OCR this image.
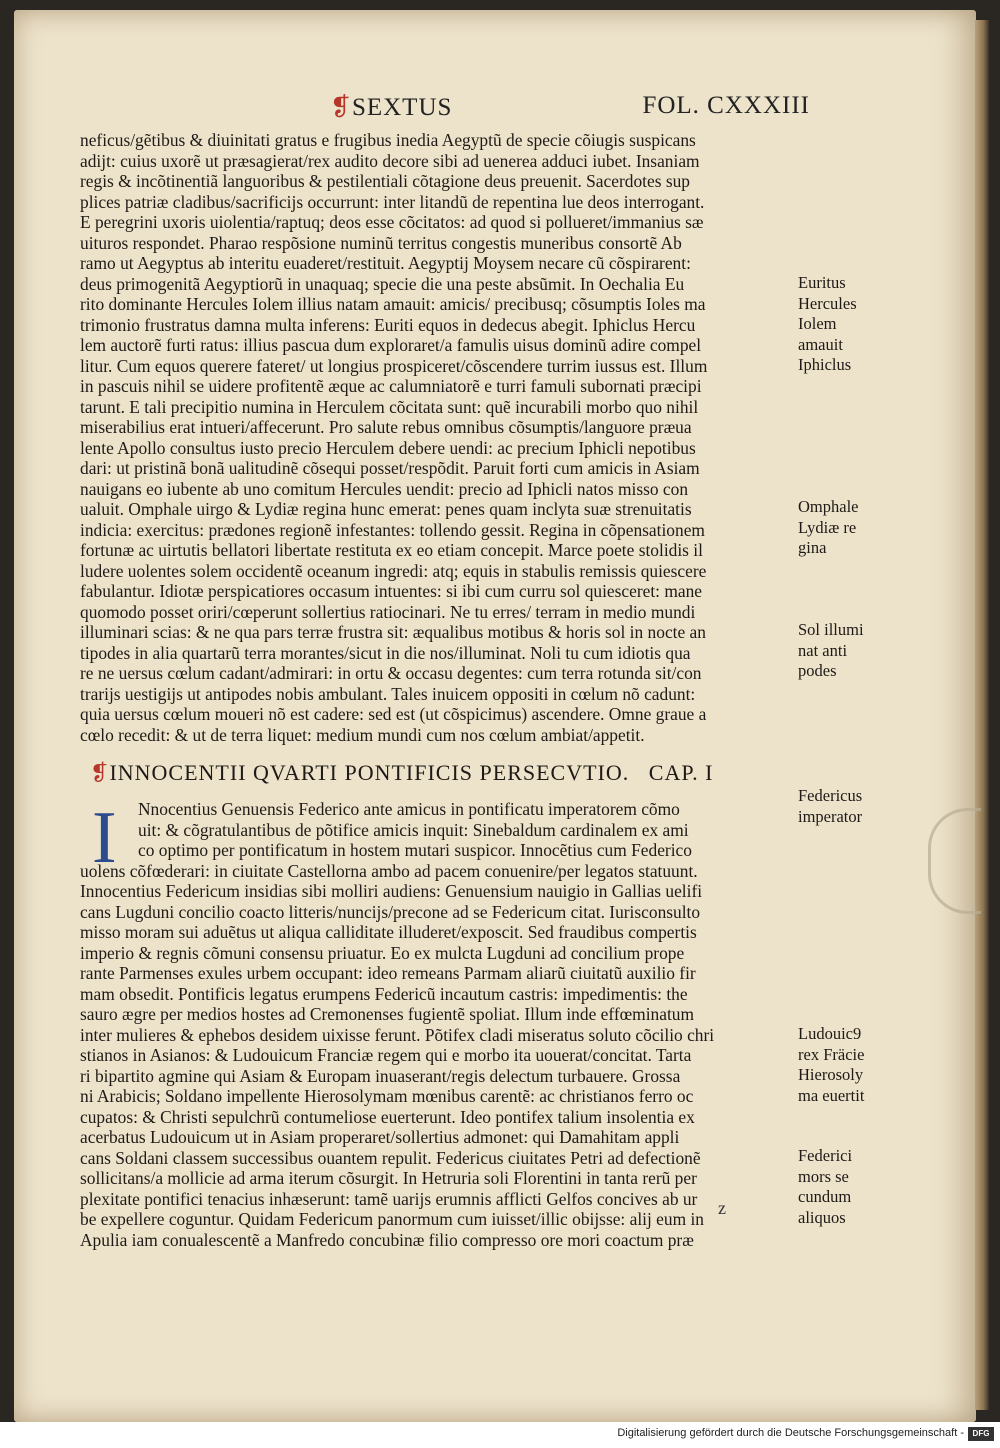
❡SEXTUS	FOL. CXXXIII
neficus/gẽtibus & diuinitati gratus e frugibus inedia Aegyptũ de specie cõiugis suspicans
adijt: cuius uxorẽ ut præsagierat/rex audito decore sibi ad uenerea adduci iubet. Insaniam
regis & incõtinentiã languoribus & pestilentiali cõtagione deus preuenit. Sacerdotes sup
plices patriæ cladibus/sacrificijs occurrunt: inter litandũ de repentina lue deos interrogant.
E peregrini uxoris uiolentia/raptuq; deos esse cõcitatos: ad quod si pollueret/immanius sæ
uituros respondet. Pharao respõsione numinũ territus congestis muneribus consortẽ Ab
ramo ut Aegyptus ab interitu euaderet/restituit. Aegyptij Moysem necare cũ cõspirarent:
deus primogenitã Aegyptiorũ in unaquaq; specie die una peste absũmit. In Oechalia Eu
rito dominante Hercules Iolem illius natam amauit: amicis/ precibusq; cõsumptis Ioles ma
trimonio frustratus damna multa inferens: Euriti equos in dedecus abegit. Iphiclus Hercu
lem auctorẽ furti ratus: illius pascua dum exploraret/a famulis uisus dominũ adire compel
litur. Cum equos querere fateret/ ut longius prospiceret/cõscendere turrim iussus est. Illum
in pascuis nihil se uidere profitentẽ æque ac calumniatorẽ e turri famuli subornati præcipi
tarunt. E tali precipitio numina in Herculem cõcitata sunt: quẽ incurabili morbo quo nihil
miserabilius erat intueri/affecerunt. Pro salute rebus omnibus cõsumptis/languore præua
lente Apollo consultus iusto precio Herculem debere uendi: ac precium Iphicli nepotibus
dari: ut pristinã bonã ualitudinẽ cõsequi posset/respõdit. Paruit forti cum amicis in Asiam
nauigans eo iubente ab uno comitum Hercules uendit: precio ad Iphicli natos misso con
ualuit. Omphale uirgo & Lydiæ regina hunc emerat: penes quam inclyta suæ strenuitatis
indicia: exercitus: prædones regionẽ infestantes: tollendo gessit. Regina in cõpensationem
fortunæ ac uirtutis bellatori libertate restituta ex eo etiam concepit. Marce poete stolidis il
ludere uolentes solem occidentẽ oceanum ingredi: atq; equis in stabulis remissis quiescere
fabulantur. Idiotæ perspicatiores occasum intuentes: si ibi cum curru sol quiesceret: mane
quomodo posset oriri/cœperunt sollertius ratiocinari. Ne tu erres/ terram in medio mundi
illuminari scias: & ne qua pars terræ frustra sit: æqualibus motibus & horis sol in nocte an
tipodes in alia quartarũ terra morantes/sicut in die nos/illuminat. Noli tu cum idiotis qua
re ne uersus cœlum cadant/admirari: in ortu & occasu degentes: cum terra rotunda sit/con
trarijs uestigijs ut antipodes nobis ambulant. Tales inuicem oppositi in cœlum nõ cadunt:
quia uersus cœlum moueri nõ est cadere: sed est (ut cõspicimus) ascendere. Omne graue a
cœlo recedit: & ut de terra liquet: medium mundi cum nos cœlum ambiat/appetit.
❡INNOCENTII QVARTI PONTIFICIS PERSECVTIO. CAP. I
I	Nnocentius Genuensis Federico ante amicus in pontificatu imperatorem cõmo
uit: & cõgratulantibus de põtifice amicis inquit: Sinebaldum cardinalem ex ami
co optimo per pontificatum in hostem mutari suspicor. Innocẽtius cum Federico
uolens cõfœderari: in ciuitate Castellorna ambo ad pacem conuenire/per legatos statuunt.
Innocentius Federicum insidias sibi molliri audiens: Genuensium nauigio in Gallias uelifi
cans Lugduni concilio coacto litteris/nuncijs/precone ad se Federicum citat. Iurisconsulto
misso moram sui aduẽtus ut aliqua calliditate illuderet/exposcit. Sed fraudibus compertis
imperio & regnis cõmuni consensu priuatur. Eo ex mulcta Lugduni ad concilium prope
rante Parmenses exules urbem occupant: ideo remeans Parmam aliarũ ciuitatũ auxilio fir
mam obsedit. Pontificis legatus erumpens Federicũ incautum castris: impedimentis: the
sauro ægre per medios hostes ad Cremonenses fugientẽ spoliat. Illum inde effœminatum
inter mulieres & ephebos desidem uixisse ferunt. Põtifex cladi miseratus soluto cõcilio chri
stianos in Asianos: & Ludouicum Franciæ regem qui e morbo ita uouerat/concitat. Tarta
ri bipartito agmine qui Asiam & Europam inuaserant/regis delectum turbauere. Grossa
ni Arabicis; Soldano impellente Hierosolymam mœnibus carentẽ: ac christianos ferro oc
cupatos: & Christi sepulchrũ contumeliose euerterunt. Ideo pontifex talium insolentia ex
acerbatus Ludouicum ut in Asiam properaret/sollertius admonet: qui Damahitam appli
cans Soldani classem successibus ouantem repulit. Federicus ciuitates Petri ad defectionẽ
sollicitans/a mollicie ad arma iterum cõsurgit. In Hetruria soli Florentini in tanta rerũ per
plexitate pontifici tenacius inhæserunt: tamẽ uarijs erumnis afflicti Gelfos concives ab ur
be expellere coguntur. Quidam Federicum panormum cum iuisset/illic obijsse: alij eum in
Apulia iam conualescentẽ a Manfredo concubinæ filio compresso ore mori coactum præ
Euritus
Hercules
Iolem
amauit
Iphiclus
Omphale
Lydiæ re
gina
Sol illumi
nat anti
podes
Federicus
imperator
Ludouic9
rex Fräcie
Hierosoly
ma euertit
Federici
mors se
cundum
aliquos
z
Digitalisierung gefördert durch die Deutsche Forschungsgemeinschaft -	DFG
